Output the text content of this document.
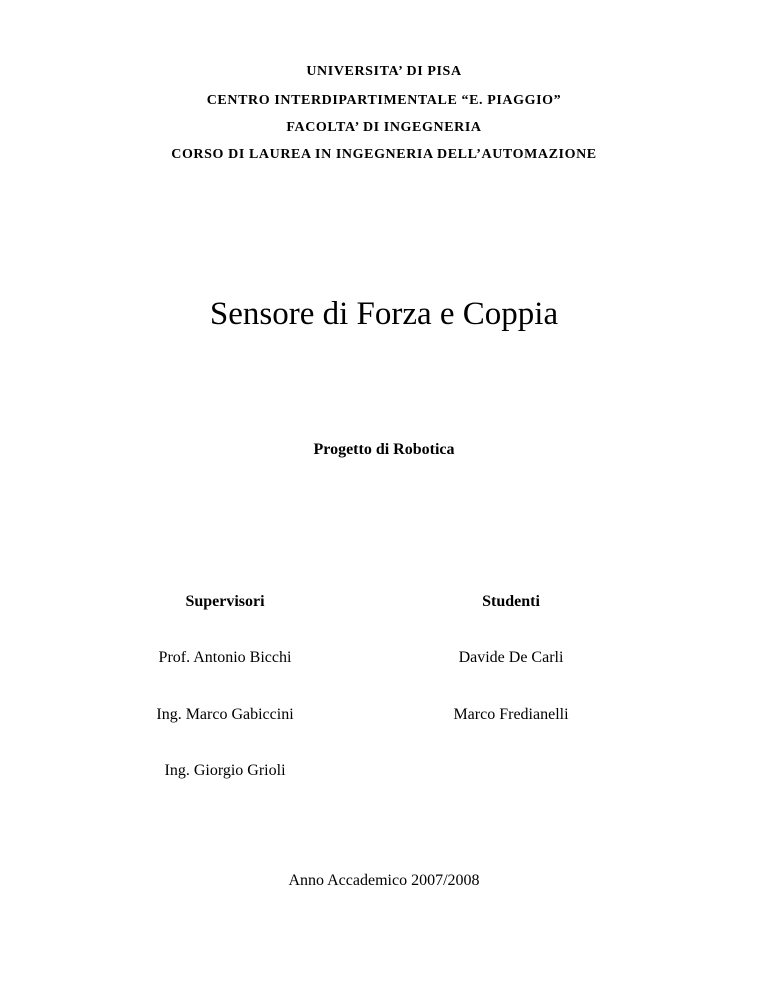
UNIVERSITA’ DI PISA
CENTRO INTERDIPARTIMENTALE “E. PIAGGIO”
FACOLTA’ DI INGEGNERIA
CORSO DI LAUREA IN INGEGNERIA DELL’AUTOMAZIONE
Sensore di Forza e Coppia
Progetto di Robotica
Supervisori	Studenti
Prof. Antonio Bicchi
Ing. Marco Gabiccini
Ing. Giorgio Grioli
Davide De Carli
Marco Fredianelli
Anno Accademico 2007/2008
